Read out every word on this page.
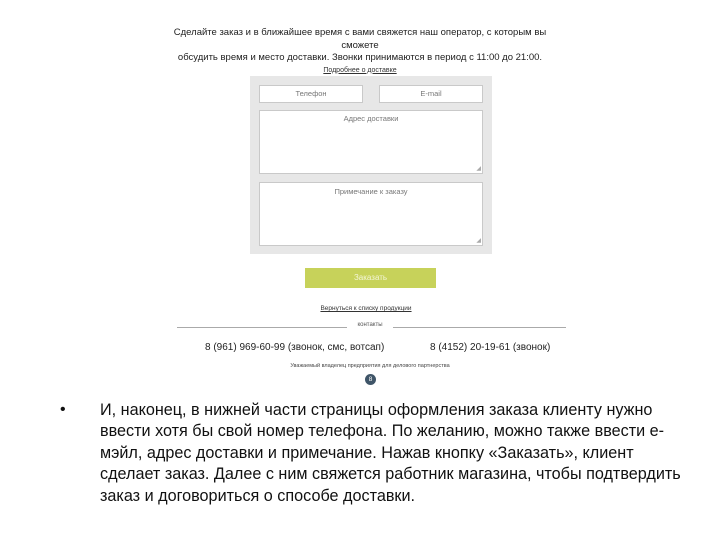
Сделайте заказ и в ближайшее время с вами свяжется наш оператор, с которым вы сможете
обсудить время и место доставки. Звонки принимаются в период с 11:00 до 21:00.
Подробнее о доставке
Телефон	E-mail
Адрес доставки
◢
Примечание к заказу
◢
Заказать
Вернуться к списку продукции
контакты
8 (961) 969-60-99 (звонок, смс, вотсап)	8 (4152) 20-19-61 (звонок)
Уважаемый владелец предприятия для делового партнерства
8
• И, наконец, в нижней части страницы оформления заказа клиенту нужно ввести хотя бы свой номер телефона. По желанию, можно также ввести е-мэйл, адрес доставки и примечание. Нажав кнопку «Заказать», клиент сделает заказ. Далее с ним свяжется работник магазина, чтобы подтвердить заказ и договориться о способе доставки.
